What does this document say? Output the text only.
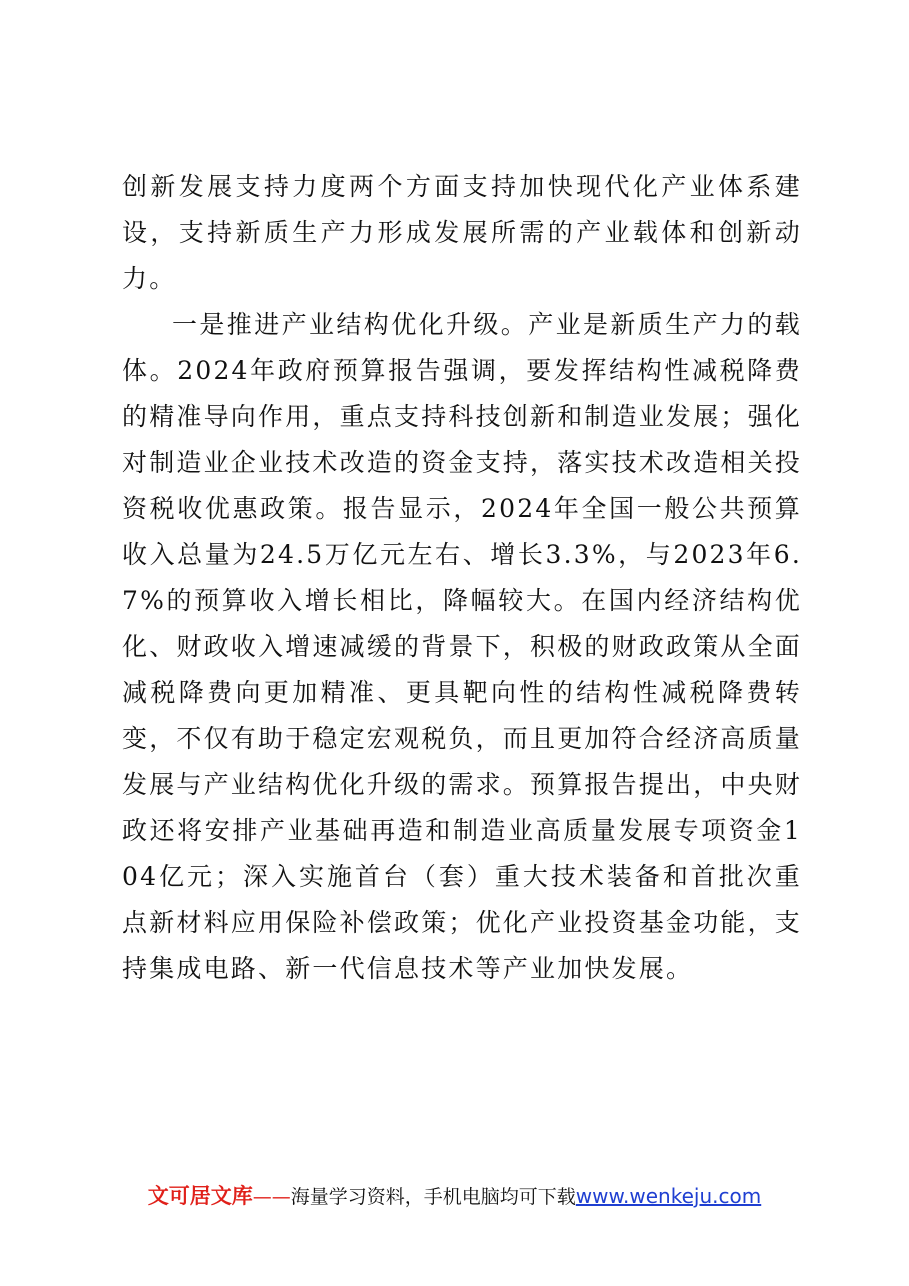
创新发展支持力度两个方面支持加快现代化产业体系建设，支持新质生产力形成发展所需的产业载体和创新动力。

一是推进产业结构优化升级。产业是新质生产力的载体。2024年政府预算报告强调，要发挥结构性减税降费的精准导向作用，重点支持科技创新和制造业发展；强化对制造业企业技术改造的资金支持，落实技术改造相关投资税收优惠政策。报告显示，2024年全国一般公共预算收入总量为24.5万亿元左右、增长3.3%，与2023年6.7%的预算收入增长相比，降幅较大。在国内经济结构优化、财政收入增速减缓的背景下，积极的财政政策从全面减税降费向更加精准、更具靶向性的结构性减税降费转变，不仅有助于稳定宏观税负，而且更加符合经济高质量发展与产业结构优化升级的需求。预算报告提出，中央财政还将安排产业基础再造和制造业高质量发展专项资金104亿元；深入实施首台（套）重大技术装备和首批次重点新材料应用保险补偿政策；优化产业投资基金功能，支持集成电路、新一代信息技术等产业加快发展。

文可居文库——海量学习资料，手机电脑均可下载www.wenkeju.com
